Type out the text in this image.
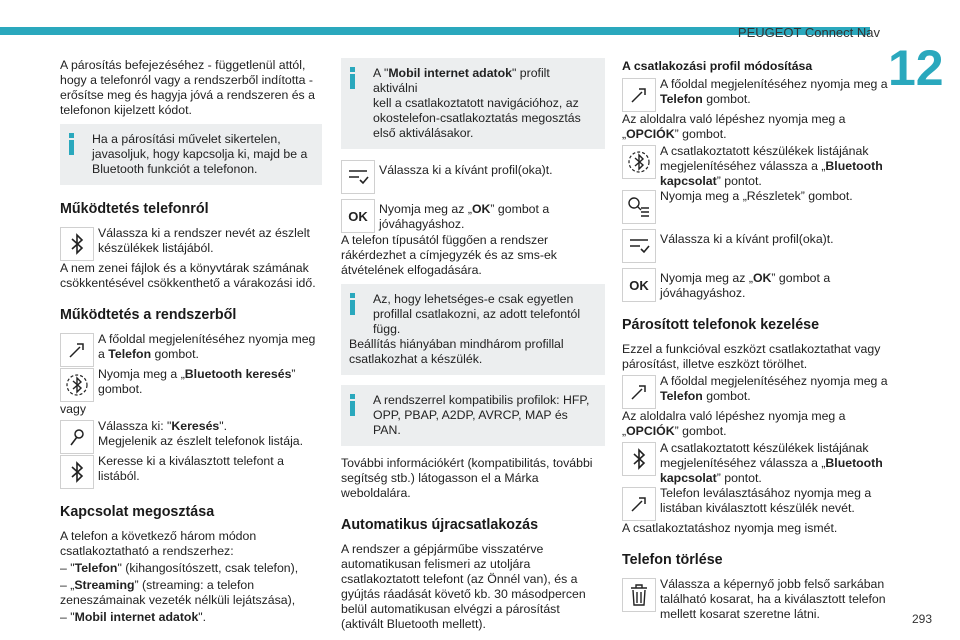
PEUGEOT Connect Nav
12
293

A párosítás befejezéséhez - függetlenül attól, hogy a telefonról vagy a rendszerből indította - erősítse meg és hagyja jóvá a rendszeren és a telefonon kijelzett kódot.

Ha a párosítási művelet sikertelen,
javasoljuk, hogy kapcsolja ki, majd be a Bluetooth funkciót a telefonon.
Működtetés telefonról
Válassza ki a rendszer nevét az észlelt
készülékek listájából.

A nem zenei fájlok és a könyvtárak számának csökkentésével csökkenthető a várakozási idő.

Működtetés a rendszerből
A főoldal megjelenítéséhez nyomja meg a Telefon gombot.
Nyomja meg a „Bluetooth keresés” gombot.

vagy

Válassza ki: "Keresés".
Megjelenik az észlelt telefonok listája.
Keresse ki a kiválasztott telefont a
listából.
Kapcsolat megosztása

A telefon a következő három módon csatlakoztatható a rendszerhez:

– "Telefon" (kihangosítószett, csak telefon),

– „Streaming” (streaming: a telefon zeneszámainak vezeték nélküli lejátszása),

– "Mobil internet adatok".

A "Mobil internet adatok" profilt aktiválni
kell a csatlakoztatott navigációhoz, az okostelefon-csatlakoztatás megosztás első aktiválásakor.
Válassza ki a kívánt profil(oka)t.
OK Nyomja meg az „OK” gombot a jóváhagyáshoz.

A telefon típusától függően a rendszer rákérdezhet a címjegyzék és az sms-ek átvételének elfogadására.

Az, hogy lehetséges-e csak egyetlen
profillal csatlakozni, az adott telefontól függ.
Beállítás hiányában mindhárom profillal csatlakozhat a készülék.
A rendszerrel kompatibilis profilok: HFP,
OPP, PBAP, A2DP, AVRCP, MAP és PAN.

További információkért (kompatibilitás, további segítség stb.) látogasson el a Márka weboldalára.

Automatikus újracsatlakozás

A rendszer a gépjárműbe visszatérve automatikusan felismeri az utoljára csatlakoztatott telefont (az Önnél van), és a gyújtás ráadását követő kb. 30 másodpercen belül automatikusan elvégzi a párosítást (aktivált Bluetooth mellett).

A csatlakozási profil módosítása
A főoldal megjelenítéséhez nyomja meg a
Telefon gombot.

Az aloldalra való lépéshez nyomja meg a „OPCIÓK” gombot.

A csatlakoztatott készülékek listájának
megjelenítéséhez válassza a „Bluetooth kapcsolat” pontot.
Nyomja meg a „Részletek” gombot.
Válassza ki a kívánt profil(oka)t.
OK Nyomja meg az „OK” gombot a jóváhagyáshoz.
Párosított telefonok kezelése

Ezzel a funkcióval eszközt csatlakoztathat vagy párosítást, illetve eszközt törölhet.

A főoldal megjelenítéséhez nyomja meg a
Telefon gombot.

Az aloldalra való lépéshez nyomja meg a „OPCIÓK” gombot.

A csatlakoztatott készülékek listájának
megjelenítéséhez válassza a „Bluetooth kapcsolat” pontot.
Telefon leválasztásához nyomja meg a
listában kiválasztott készülék nevét.

A csatlakoztatáshoz nyomja meg ismét.

Telefon törlése
Válassza a képernyő jobb felső sarkában
található kosarat, ha a kiválasztott telefon mellett kosarat szeretne látni.
